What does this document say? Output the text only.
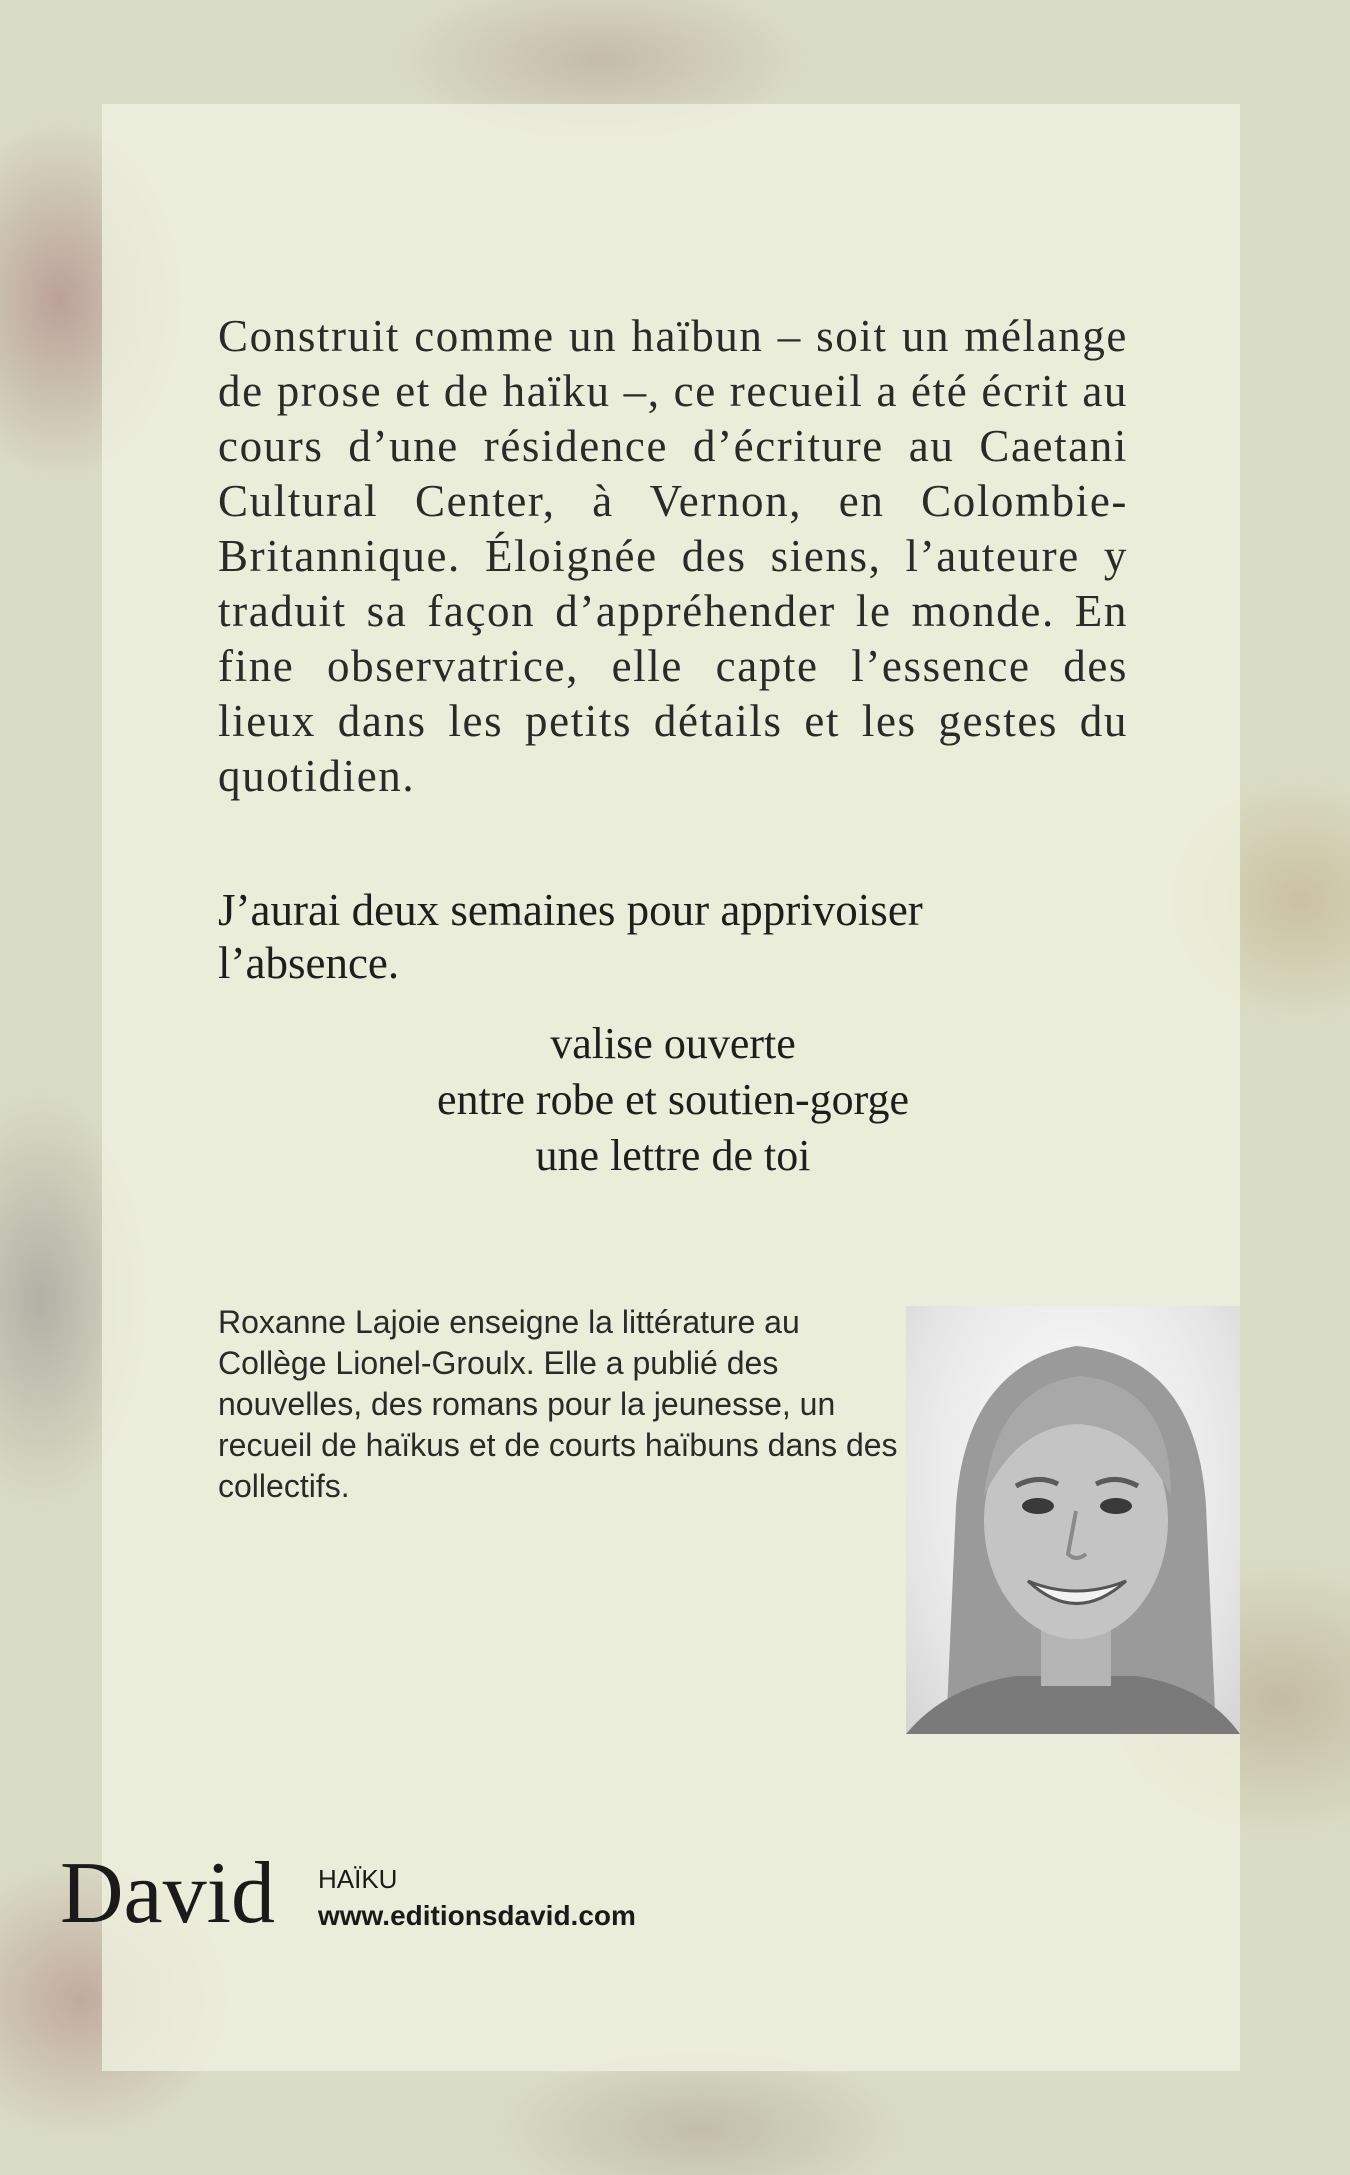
Construit comme un haïbun – soit un mélange de prose et de haïku –, ce recueil a été écrit au cours d’une résidence d’écriture au Caetani Cultural Center, à Vernon, en Colombie-Britannique. Éloignée des siens, l’auteure y traduit sa façon d’appréhender le monde. En fine observatrice, elle capte l’essence des lieux dans les petits détails et les gestes du quotidien.

J’aurai deux semaines pour apprivoiser l’absence.

valise ouverte
entre robe et soutien-gorge
une lettre de toi

Roxanne Lajoie enseigne la littérature au Collège Lionel-Groulx. Elle a publié des nouvelles, des romans pour la jeunesse, un recueil de haïkus et de courts haïbuns dans des collectifs.

David HAÏKU
www.editionsdavid.com
